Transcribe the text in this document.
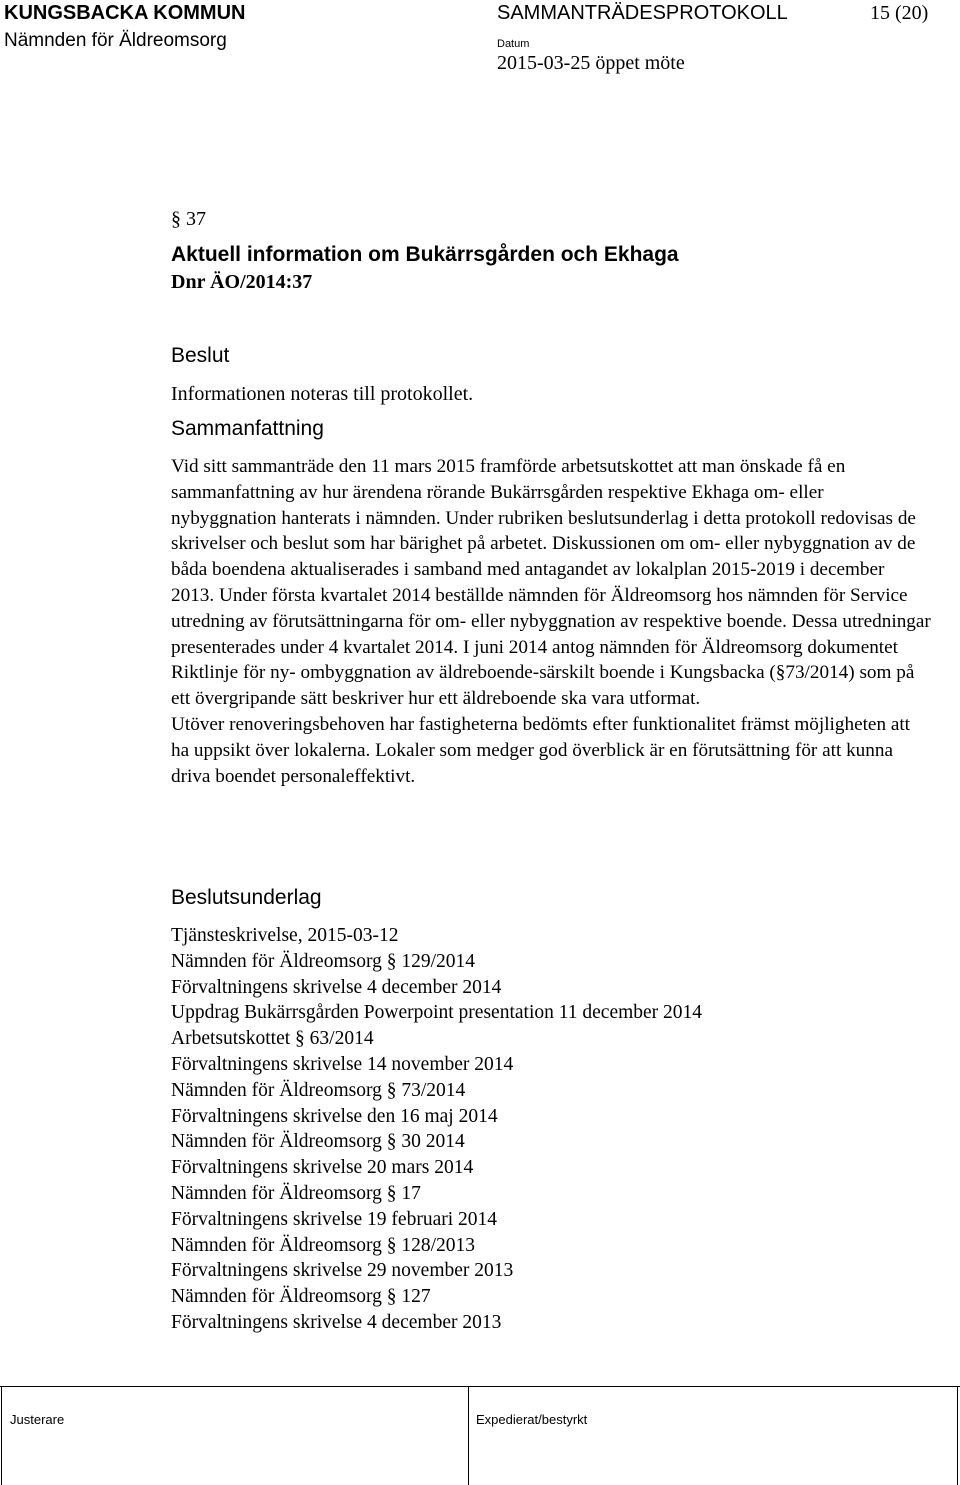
KUNGSBACKA KOMMUN
Nämnden för Äldreomsorg
SAMMANTRÄDESPROTOKOLL	15 (20)
Datum
2015-03-25 öppet möte
§ 37
Aktuell information om Bukärrsgården och Ekhaga
Dnr ÄO/2014:37
Beslut
Informationen noteras till protokollet.
Sammanfattning

Vid sitt sammanträde den 11 mars 2015 framförde arbetsutskottet att man önskade få en sammanfattning av hur ärendena rörande Bukärrsgården respektive Ekhaga om- eller nybyggnation hanterats i nämnden. Under rubriken beslutsunderlag i detta protokoll redovisas de skrivelser och beslut som har bärighet på arbetet. Diskussionen om om- eller nybyggnation av de båda boendena aktualiserades i samband med antagandet av lokalplan 2015-2019 i december 2013. Under första kvartalet 2014 beställde nämnden för Äldreomsorg hos nämnden för Service utredning av förutsättningarna för om- eller nybyggnation av respektive boende. Dessa utredningar presenterades under 4 kvartalet 2014. I juni 2014 antog nämnden för Äldreomsorg dokumentet Riktlinje för ny- ombyggnation av äldreboende-särskilt boende i Kungsbacka (§73/2014) som på ett övergripande sätt beskriver hur ett äldreboende ska vara utformat.

Utöver renoveringsbehoven har fastigheterna bedömts efter funktionalitet främst möjligheten att ha uppsikt över lokalerna. Lokaler som medger god överblick är en förutsättning för att kunna driva boendet personaleffektivt.

Beslutsunderlag
Tjänsteskrivelse, 2015-03-12
Nämnden för Äldreomsorg § 129/2014
Förvaltningens skrivelse 4 december 2014
Uppdrag Bukärrsgården Powerpoint presentation 11 december 2014
Arbetsutskottet § 63/2014
Förvaltningens skrivelse 14 november 2014
Nämnden för Äldreomsorg § 73/2014
Förvaltningens skrivelse den 16 maj 2014
Nämnden för Äldreomsorg § 30 2014
Förvaltningens skrivelse 20 mars 2014
Nämnden för Äldreomsorg § 17
Förvaltningens skrivelse 19 februari 2014
Nämnden för Äldreomsorg § 128/2013
Förvaltningens skrivelse 29 november 2013
Nämnden för Äldreomsorg § 127
Förvaltningens skrivelse 4 december 2013
Justerare	Expedierat/bestyrkt
